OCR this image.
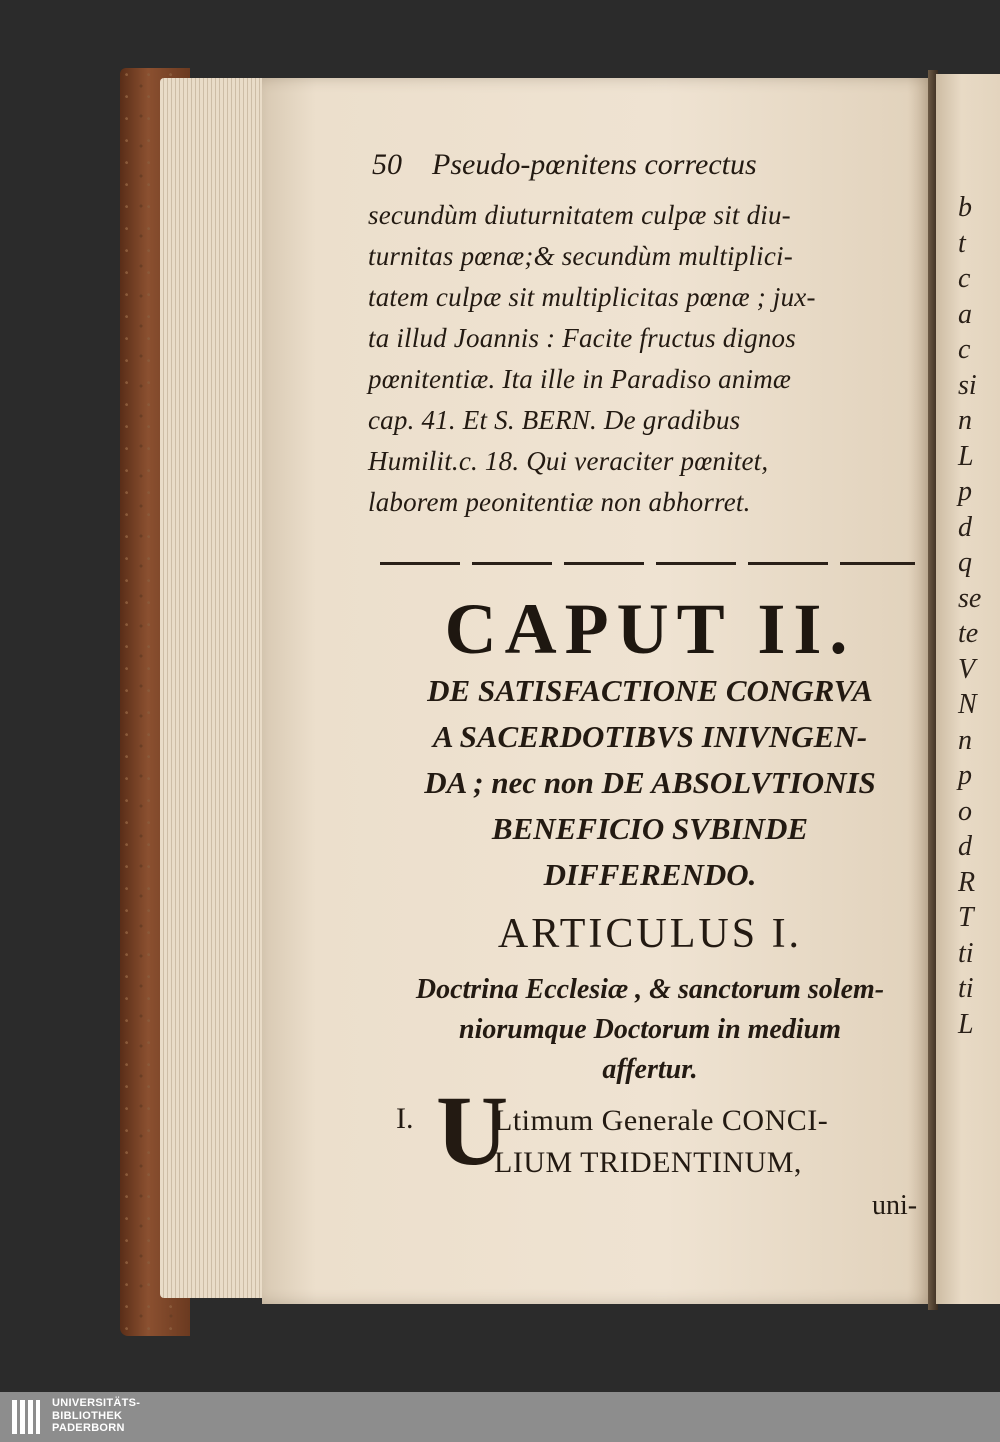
b
t
c
a
c
si
n
L
p
d
q
se
te
V
N
n
p
o
d
R
T
ti
ti
L
50 Pseudo-pœnitens correctus
secundùm diuturnitatem culpæ sit diu-
turnitas pœnæ;& secundùm multiplici-
tatem culpæ sit multiplicitas pœnæ ; jux-
ta illud Joannis : Facite fructus dignos
pœnitentiæ. Ita ille in Paradiso animæ
cap. 41. Et S. BERN. De gradibus
Humilit.c. 18. Qui veraciter pœnitet,
laborem peonitentiæ non abhorret.
CAPUT II.
DE SATISFACTIONE CONGRVA
A SACERDOTIBVS INIVNGEN-
DA ; nec non DE ABSOLVTIONIS
BENEFICIO SVBINDE
DIFFERENDO.
ARTICULUS I.
Doctrina Ecclesiæ , & sanctorum solem-
niorumque Doctorum in medium
affertur.
I. U
Ltimum Generale CONCI-
LIUM TRIDENTINUM,
uni-
UNIVERSITÄTS-
BIBLIOTHEK
PADERBORN
